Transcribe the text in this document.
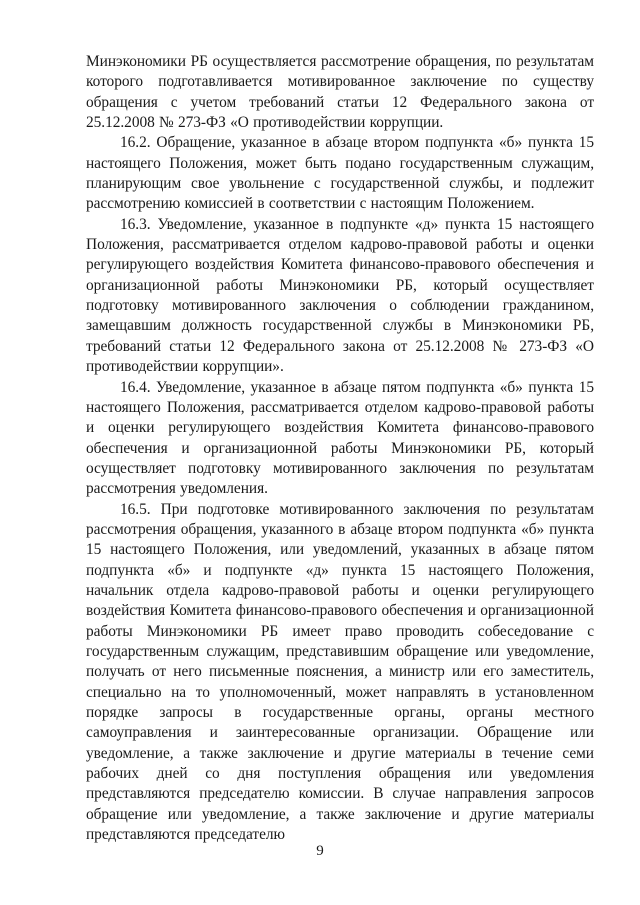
Минэкономики РБ осуществляется рассмотрение обращения, по результатам которого подготавливается мотивированное заключение по существу обращения с учетом требований статьи 12 Федерального закона от 25.12.2008 № 273-ФЗ «О противодействии коррупции.

16.2. Обращение, указанное в абзаце втором подпункта «б» пункта 15 настоящего Положения, может быть подано государственным служащим, планирующим свое увольнение с государственной службы, и подлежит рассмотрению комиссией в соответствии с настоящим Положением.

16.3. Уведомление, указанное в подпункте «д» пункта 15 настоящего Положения, рассматривается отделом кадрово-правовой работы и оценки регулирующего воздействия Комитета финансово-правового обеспечения и организационной работы Минэкономики РБ, который осуществляет подготовку мотивированного заключения о соблюдении гражданином, замещавшим должность государственной службы в Минэкономики РБ, требований статьи 12 Федерального закона от 25.12.2008 № 273-ФЗ «О противодействии коррупции».

16.4. Уведомление, указанное в абзаце пятом подпункта «б» пункта 15 настоящего Положения, рассматривается отделом кадрово-правовой работы и оценки регулирующего воздействия Комитета финансово-правового обеспечения и организационной работы Минэкономики РБ, который осуществляет подготовку мотивированного заключения по результатам рассмотрения уведомления.

16.5. При подготовке мотивированного заключения по результатам рассмотрения обращения, указанного в абзаце втором подпункта «б» пункта 15 настоящего Положения, или уведомлений, указанных в абзаце пятом подпункта «б» и подпункте «д» пункта 15 настоящего Положения, начальник отдела кадрово-правовой работы и оценки регулирующего воздействия Комитета финансово-правового обеспечения и организационной работы Минэкономики РБ имеет право проводить собеседование с государственным служащим, представившим обращение или уведомление, получать от него письменные пояснения, а министр или его заместитель, специально на то уполномоченный, может направлять в установленном порядке запросы в государственные органы, органы местного самоуправления и заинтересованные организации. Обращение или уведомление, а также заключение и другие материалы в течение семи рабочих дней со дня поступления обращения или уведомления представляются председателю комиссии. В случае направления запросов обращение или уведомление, а также заключение и другие материалы представляются председателю

9
